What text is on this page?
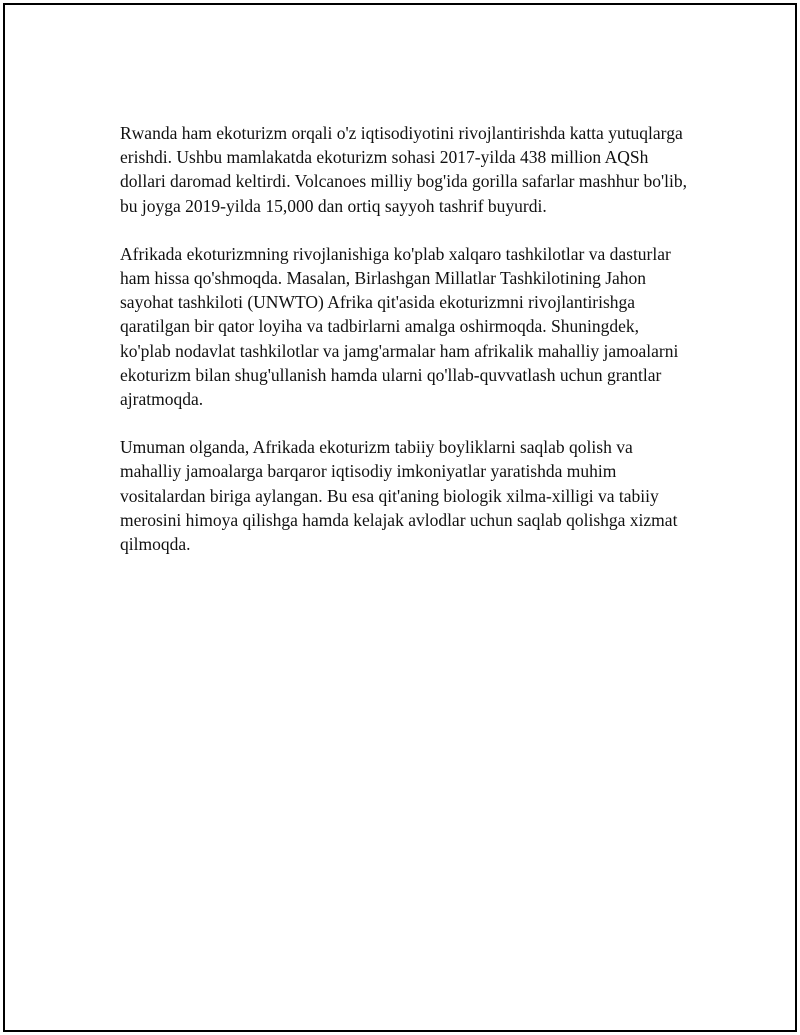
Rwanda ham ekoturizm orqali o'z iqtisodiyotini rivojlantirishda katta yutuqlarga erishdi. Ushbu mamlakatda ekoturizm sohasi 2017-yilda 438 million AQSh dollari daromad keltirdi. Volcanoes milliy bog'ida gorilla safarlar mashhur bo'lib, bu joyga 2019-yilda 15,000 dan ortiq sayyoh tashrif buyurdi.

Afrikada ekoturizmning rivojlanishiga ko'plab xalqaro tashkilotlar va dasturlar ham hissa qo'shmoqda. Masalan, Birlashgan Millatlar Tashkilotining Jahon sayohat tashkiloti (UNWTO) Afrika qit'asida ekoturizmni rivojlantirishga qaratilgan bir qator loyiha va tadbirlarni amalga oshirmoqda. Shuningdek, ko'plab nodavlat tashkilotlar va jamg'armalar ham afrikalik mahalliy jamoalarni ekoturizm bilan shug'ullanish hamda ularni qo'llab-quvvatlash uchun grantlar ajratmoqda.

Umuman olganda, Afrikada ekoturizm tabiiy boyliklarni saqlab qolish va mahalliy jamoalarga barqaror iqtisodiy imkoniyatlar yaratishda muhim vositalardan biriga aylangan. Bu esa qit'aning biologik xilma-xilligi va tabiiy merosini himoya qilishga hamda kelajak avlodlar uchun saqlab qolishga xizmat qilmoqda.
